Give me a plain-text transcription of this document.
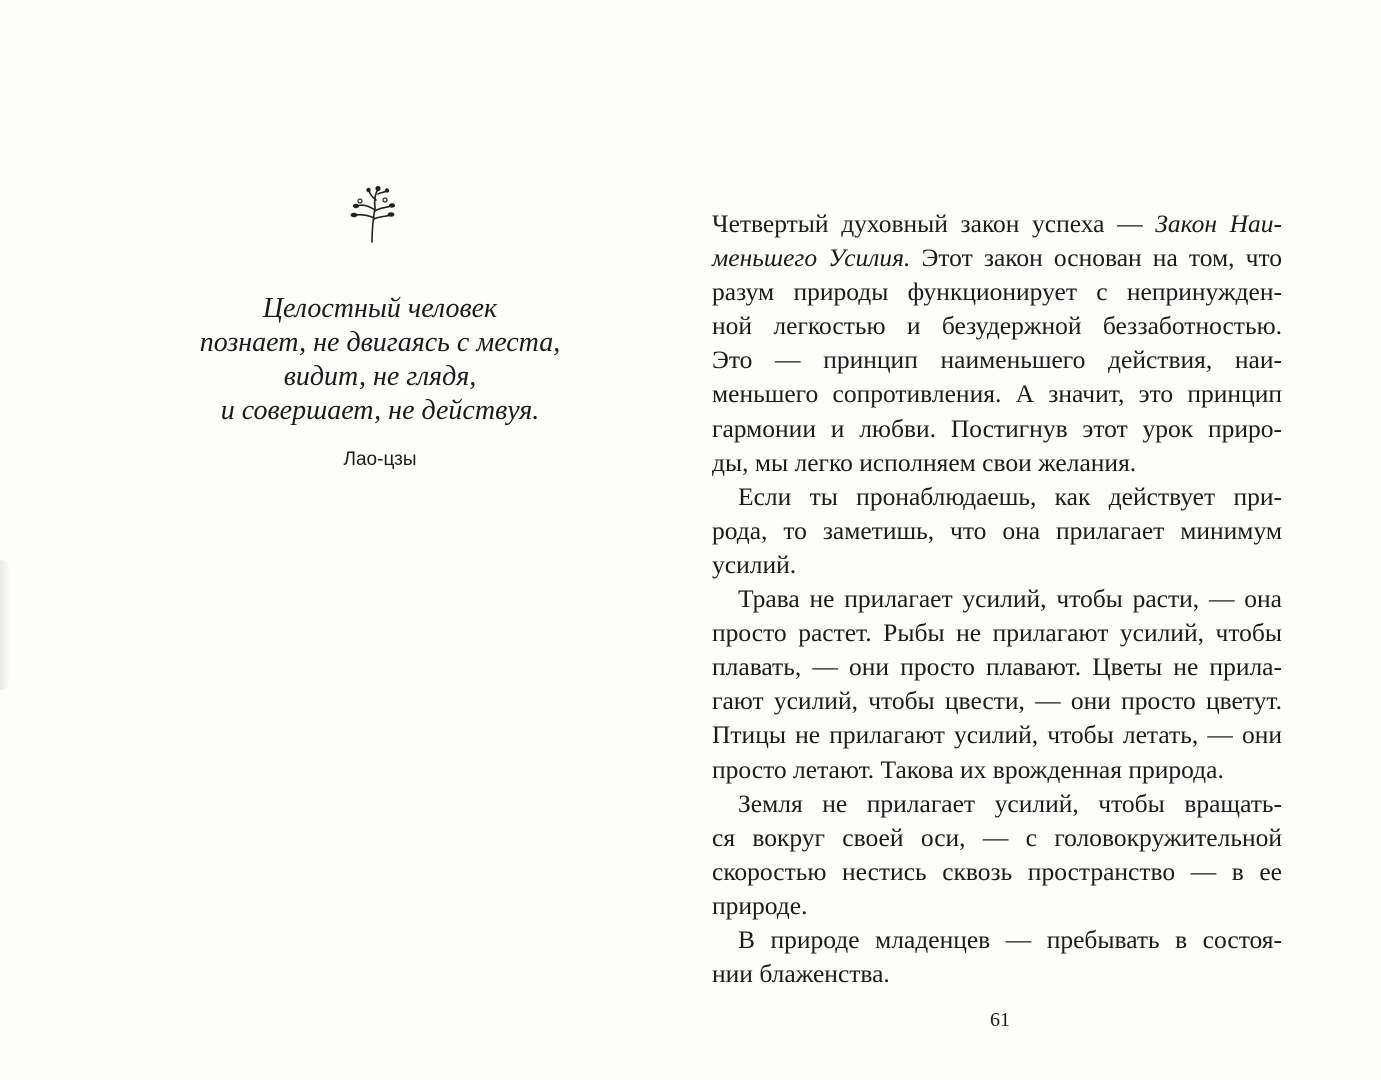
Целостный человек
познает, не двигаясь с места,
видит, не глядя,
и совершает, не действуя.
Лао-цзы
Четвертый духовный закон успеха — Закон Наи-
меньшего Усилия. Этот закон основан на том, что
разум природы функционирует с непринужден-
ной легкостью и безудержной беззаботностью.
Это — принцип наименьшего действия, наи-
меньшего сопротивления. А значит, это принцип
гармонии и любви. Постигнув этот урок приро-
ды, мы легко исполняем свои желания.
Если ты пронаблюдаешь, как действует при-
рода, то заметишь, что она прилагает минимум
усилий.
Трава не прилагает усилий, чтобы расти, — она
просто растет. Рыбы не прилагают усилий, чтобы
плавать, — они просто плавают. Цветы не прила-
гают усилий, чтобы цвести, — они просто цветут.
Птицы не прилагают усилий, чтобы летать, — они
просто летают. Такова их врожденная природа.
Земля не прилагает усилий, чтобы вращать-
ся вокруг своей оси, — с головокружительной
скоростью нестись сквозь пространство — в ее
природе.
В природе младенцев — пребывать в состоя-
нии блаженства.
61
